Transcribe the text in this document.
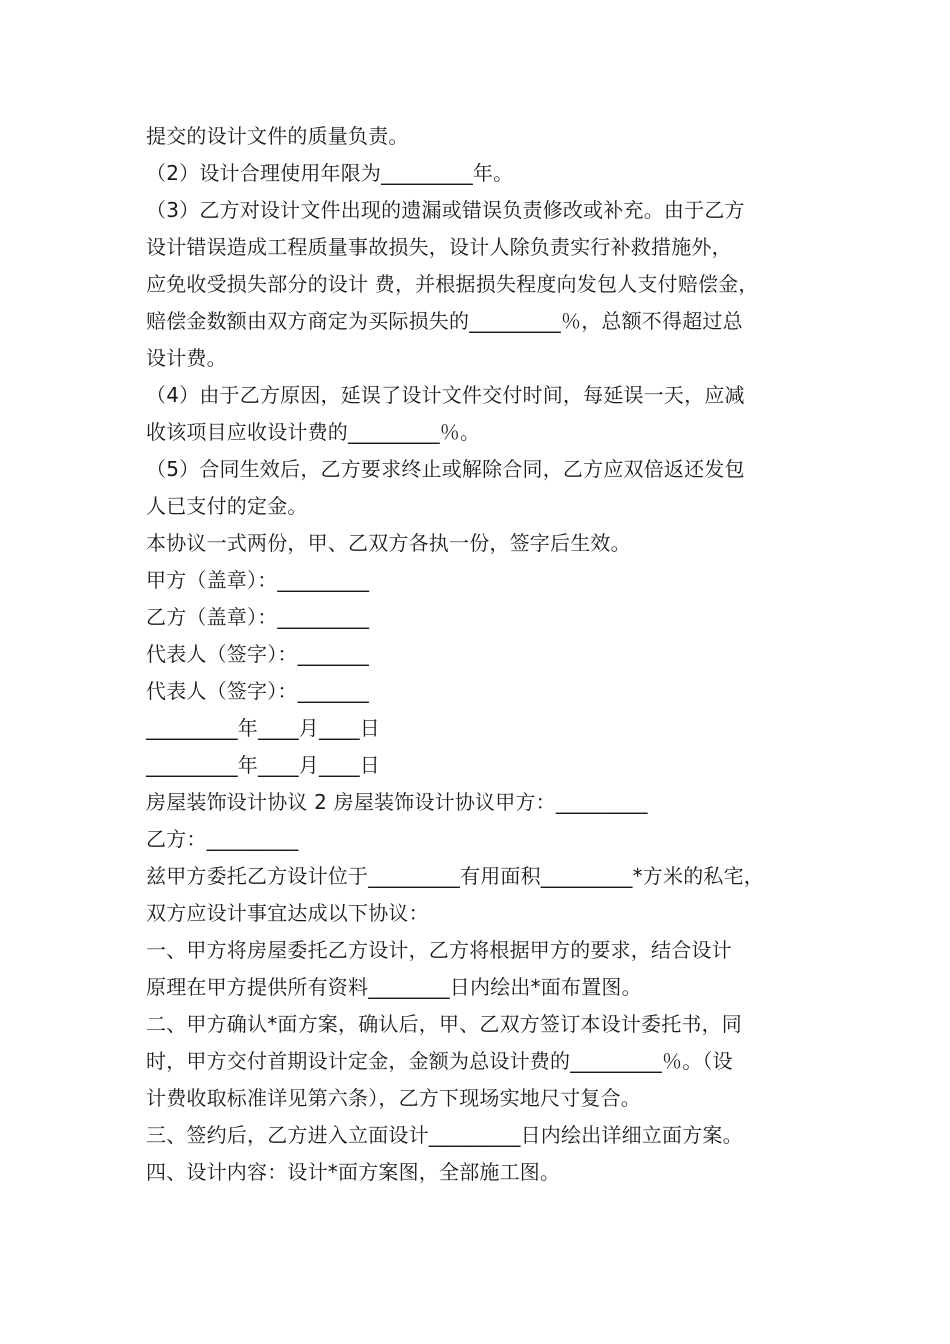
提交的设计文件的质量负责。
（2）设计合理使用年限为_________年。
（3）乙方对设计文件出现的遗漏或错误负责修改或补充。由于乙方
设计错误造成工程质量事故损失，设计人除负责实行补救措施外，
应免收受损失部分的设计 费，并根据损失程度向发包人支付赔偿金，
赔偿金数额由双方商定为买际损失的_________％，总额不得超过总
设计费。
（4）由于乙方原因，延误了设计文件交付时间，每延误一天，应减
收该项目应收设计费的_________％。
（5）合同生效后，乙方要求终止或解除合同，乙方应双倍返还发包
人已支付的定金。
本协议一式两份，甲、乙双方各执一份，签字后生效。
甲方（盖章）：_________
乙方（盖章）：_________
代表人（签字）：_______
代表人（签字）：_______
_________年____月____日
_________年____月____日
房屋装饰设计协议 2 房屋装饰设计协议甲方：_________
乙方：_________
兹甲方委托乙方设计位于_________有用面积_________*方米的私宅，
双方应设计事宜达成以下协议：
一、甲方将房屋委托乙方设计，乙方将根据甲方的要求，结合设计
原理在甲方提供所有资料________日内绘出*面布置图。
二、甲方确认*面方案，确认后，甲、乙双方签订本设计委托书，同
时，甲方交付首期设计定金，金额为总设计费的_________％。（设
计费收取标准详见第六条），乙方下现场实地尺寸复合。
三、签约后，乙方进入立面设计_________日内绘出详细立面方案。
四、设计内容：设计*面方案图，全部施工图。
